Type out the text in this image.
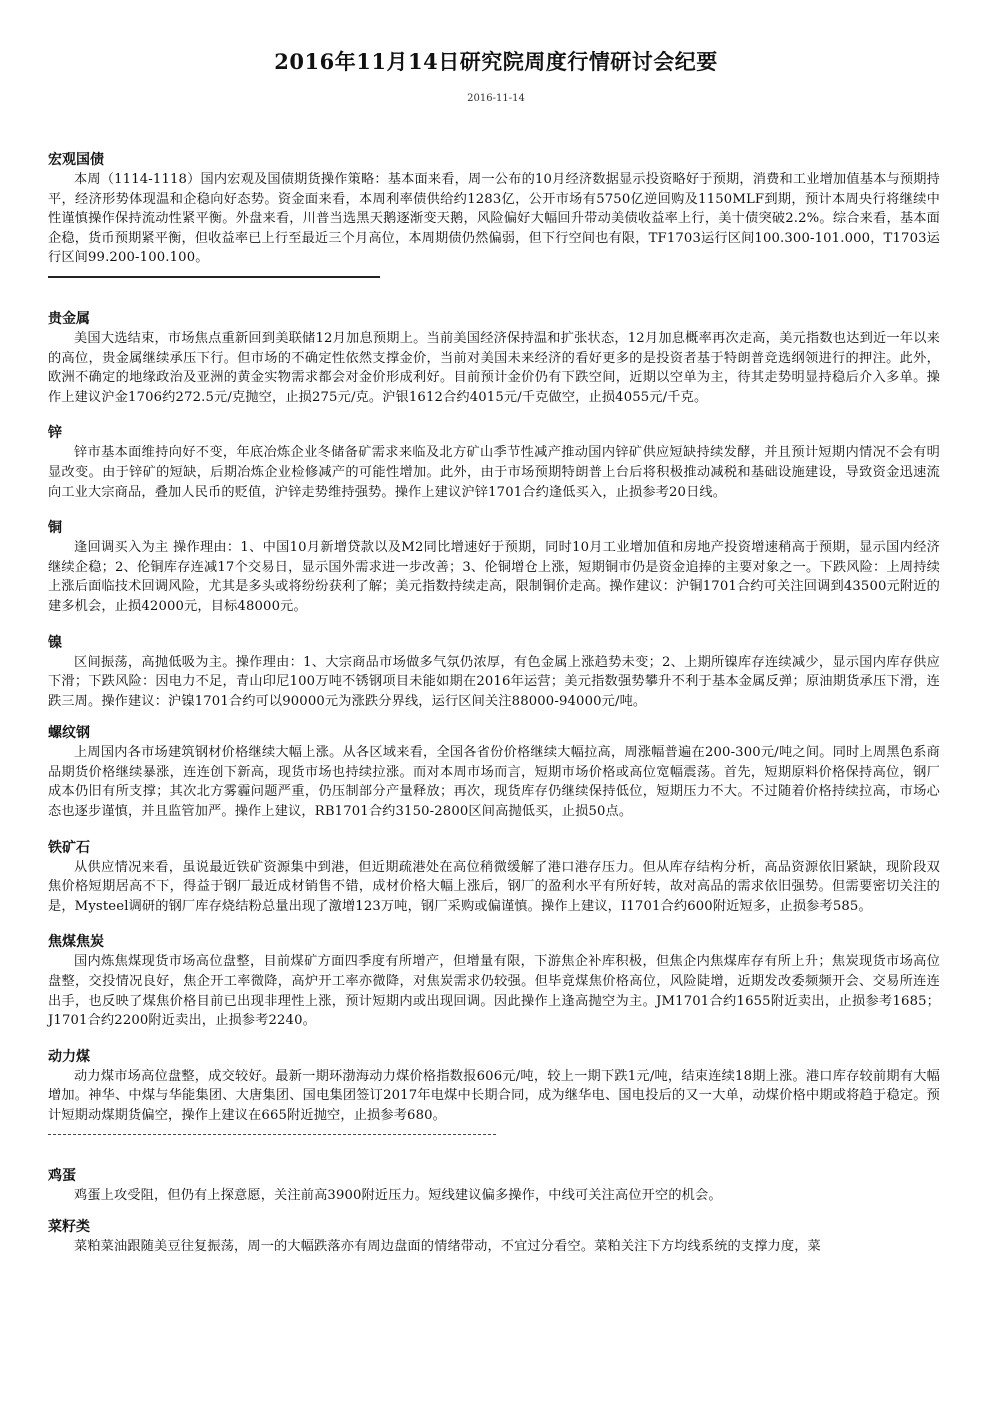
2016年11月14日研究院周度行情研讨会纪要
2016-11-14

宏观国债

本周（1114-1118）国内宏观及国债期货操作策略：基本面来看，周一公布的10月经济数据显示投资略好于预期，消费和工业增加值基本与预期持平，经济形势体现温和企稳向好态势。资金面来看，本周利率债供给约1283亿，公开市场有5750亿逆回购及1150MLF到期，预计本周央行将继续中性谨慎操作保持流动性紧平衡。外盘来看，川普当选黑天鹅逐渐变天鹅，风险偏好大幅回升带动美债收益率上行，美十债突破2.2%。综合来看，基本面企稳，货币预期紧平衡，但收益率已上行至最近三个月高位，本周期债仍然偏弱，但下行空间也有限，TF1703运行区间100.300-101.000，T1703运行区间99.200-100.100。

贵金属

美国大选结束，市场焦点重新回到美联储12月加息预期上。当前美国经济保持温和扩张状态，12月加息概率再次走高，美元指数也达到近一年以来的高位，贵金属继续承压下行。但市场的不确定性依然支撑金价，当前对美国未来经济的看好更多的是投资者基于特朗普竞选纲领进行的押注。此外，欧洲不确定的地缘政治及亚洲的黄金实物需求都会对金价形成利好。目前预计金价仍有下跌空间，近期以空单为主，待其走势明显持稳后介入多单。操作上建议沪金1706约272.5元/克抛空，止损275元/克。沪银1612合约4015元/千克做空，止损4055元/千克。

锌

锌市基本面维持向好不变，年底冶炼企业冬储备矿需求来临及北方矿山季节性减产推动国内锌矿供应短缺持续发酵，并且预计短期内情况不会有明显改变。由于锌矿的短缺，后期冶炼企业检修减产的可能性增加。此外，由于市场预期特朗普上台后将积极推动减税和基础设施建设，导致资金迅速流向工业大宗商品，叠加人民币的贬值，沪锌走势维持强势。操作上建议沪锌1701合约逢低买入，止损参考20日线。

铜

逢回调买入为主 操作理由：1、中国10月新增贷款以及M2同比增速好于预期，同时10月工业增加值和房地产投资增速稍高于预期，显示国内经济继续企稳；2、伦铜库存连减17个交易日，显示国外需求进一步改善；3、伦铜增仓上涨，短期铜市仍是资金追捧的主要对象之一。下跌风险：上周持续上涨后面临技术回调风险，尤其是多头或将纷纷获利了解；美元指数持续走高，限制铜价走高。操作建议：沪铜1701合约可关注回调到43500元附近的建多机会，止损42000元，目标48000元。

镍

区间振荡，高抛低吸为主。操作理由：1、大宗商品市场做多气氛仍浓厚，有色金属上涨趋势未变；2、上期所镍库存连续减少，显示国内库存供应下滑；下跌风险：因电力不足，青山印尼100万吨不锈钢项目未能如期在2016年运营；美元指数强势攀升不利于基本金属反弹；原油期货承压下滑，连跌三周。操作建议：沪镍1701合约可以90000元为涨跌分界线，运行区间关注88000-94000元/吨。

螺纹钢

上周国内各市场建筑钢材价格继续大幅上涨。从各区域来看，全国各省份价格继续大幅拉高，周涨幅普遍在200-300元/吨之间。同时上周黑色系商品期货价格继续暴涨，连连创下新高，现货市场也持续拉涨。而对本周市场而言，短期市场价格或高位宽幅震荡。首先，短期原料价格保持高位，钢厂成本仍旧有所支撑；其次北方雾霾问题严重，仍压制部分产量释放；再次，现货库存仍继续保持低位，短期压力不大。不过随着价格持续拉高，市场心态也逐步谨慎，并且监管加严。操作上建议，RB1701合约3150-2800区间高抛低买，止损50点。

铁矿石

从供应情况来看，虽说最近铁矿资源集中到港，但近期疏港处在高位稍微缓解了港口港存压力。但从库存结构分析，高品资源依旧紧缺，现阶段双焦价格短期居高不下，得益于钢厂最近成材销售不错，成材价格大幅上涨后，钢厂的盈利水平有所好转，故对高品的需求依旧强势。但需要密切关注的是，Mysteel调研的钢厂库存烧结粉总量出现了激增123万吨，钢厂采购或偏谨慎。操作上建议，I1701合约600附近短多，止损参考585。

焦煤焦炭

国内炼焦煤现货市场高位盘整，目前煤矿方面四季度有所增产，但增量有限，下游焦企补库积极，但焦企内焦煤库存有所上升；焦炭现货市场高位盘整，交投情况良好，焦企开工率微降，高炉开工率亦微降，对焦炭需求仍较强。但毕竟煤焦价格高位，风险陡增，近期发改委频频开会、交易所连连出手，也反映了煤焦价格目前已出现非理性上涨，预计短期内或出现回调。因此操作上逢高抛空为主。JM1701合约1655附近卖出，止损参考1685；J1701合约2200附近卖出，止损参考2240。

动力煤

动力煤市场高位盘整，成交较好。最新一期环渤海动力煤价格指数报606元/吨，较上一期下跌1元/吨，结束连续18期上涨。港口库存较前期有大幅增加。神华、中煤与华能集团、大唐集团、国电集团签订2017年电煤中长期合同，成为继华电、国电投后的又一大单，动煤价格中期或将趋于稳定。预计短期动煤期货偏空，操作上建议在665附近抛空，止损参考680。

鸡蛋

鸡蛋上攻受阻，但仍有上探意愿，关注前高3900附近压力。短线建议偏多操作，中线可关注高位开空的机会。

菜籽类

菜粕菜油跟随美豆往复振荡，周一的大幅跌落亦有周边盘面的情绪带动，不宜过分看空。菜粕关注下方均线系统的支撑力度，菜
